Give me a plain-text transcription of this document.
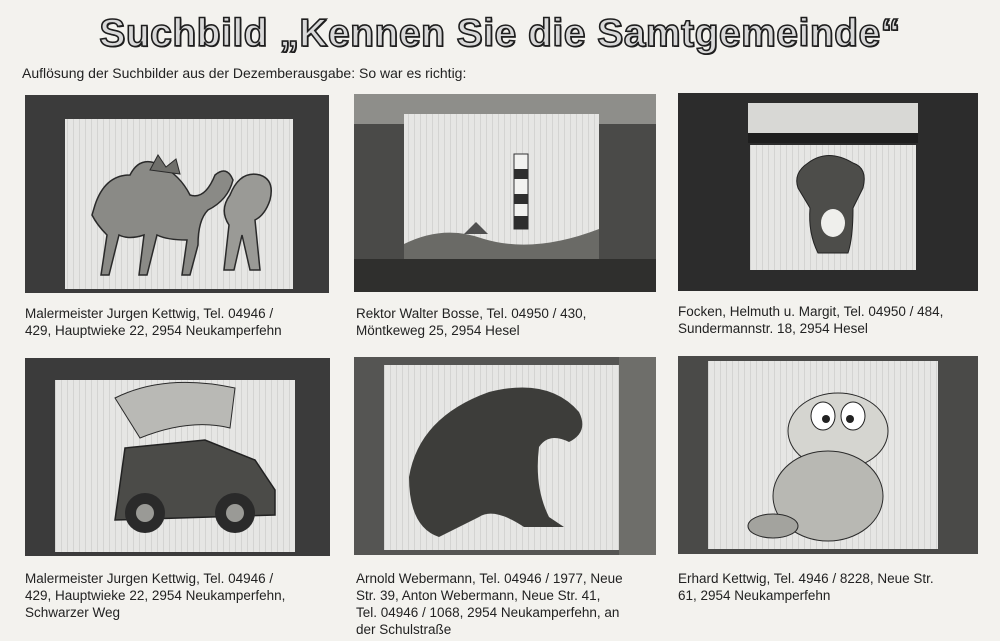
Suchbild „Kennen Sie die Samtgemeinde“
Auflösung der Suchbilder aus der Dezemberausgabe: So war es richtig:
Malermeister Jurgen Kettwig, Tel. 04946 /
429, Hauptwieke 22, 2954 Neukamperfehn
Rektor Walter Bosse, Tel. 04950 / 430,
Möntkeweg 25, 2954 Hesel
Focken, Helmuth u. Margit, Tel. 04950 / 484,
Sundermannstr. 18, 2954 Hesel
Malermeister Jurgen Kettwig, Tel. 04946 /
429, Hauptwieke 22, 2954 Neukamperfehn,
Schwarzer Weg
Arnold Webermann, Tel. 04946 / 1977, Neue
Str. 39, Anton Webermann, Neue Str. 41,
Tel. 04946 / 1068, 2954 Neukamperfehn, an
der Schulstraße
Erhard Kettwig, Tel. 4946 / 8228, Neue Str.
61, 2954 Neukamperfehn
